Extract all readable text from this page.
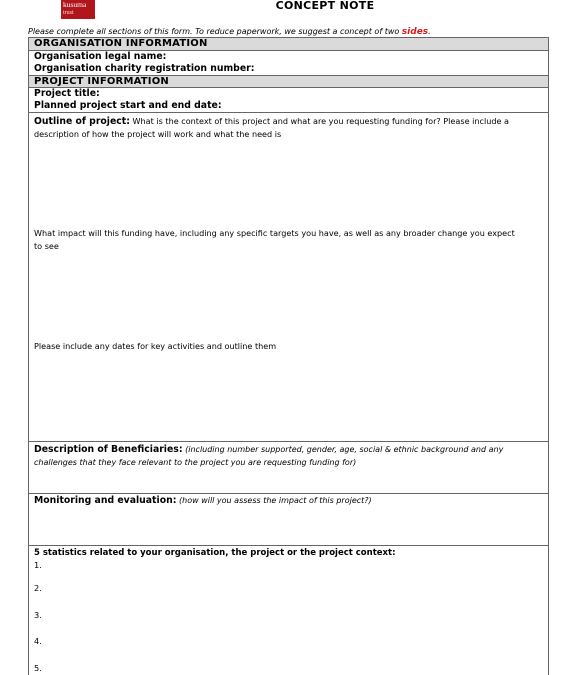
kusuma
trust
CONCEPT NOTE
Please complete all sections of this form. To reduce paperwork, we suggest a concept of two sides.
ORGANISATION INFORMATION
Organisation legal name:
Organisation charity registration number:
PROJECT INFORMATION
Project title:
Planned project start and end date:
Outline of project: What is the context of this project and what are you requesting funding for? Please include a description of how the project will work and what the need is
What impact will this funding have, including any specific targets you have, as well as any broader change you expect to see
Please include any dates for key activities and outline them
Description of Beneficiaries: (including number supported, gender, age, social & ethnic background and any challenges that they face relevant to the project you are requesting funding for)
Monitoring and evaluation: (how will you assess the impact of this project?)
5 statistics related to your organisation, the project or the project context:
1.
2.
3.
4.
5.
